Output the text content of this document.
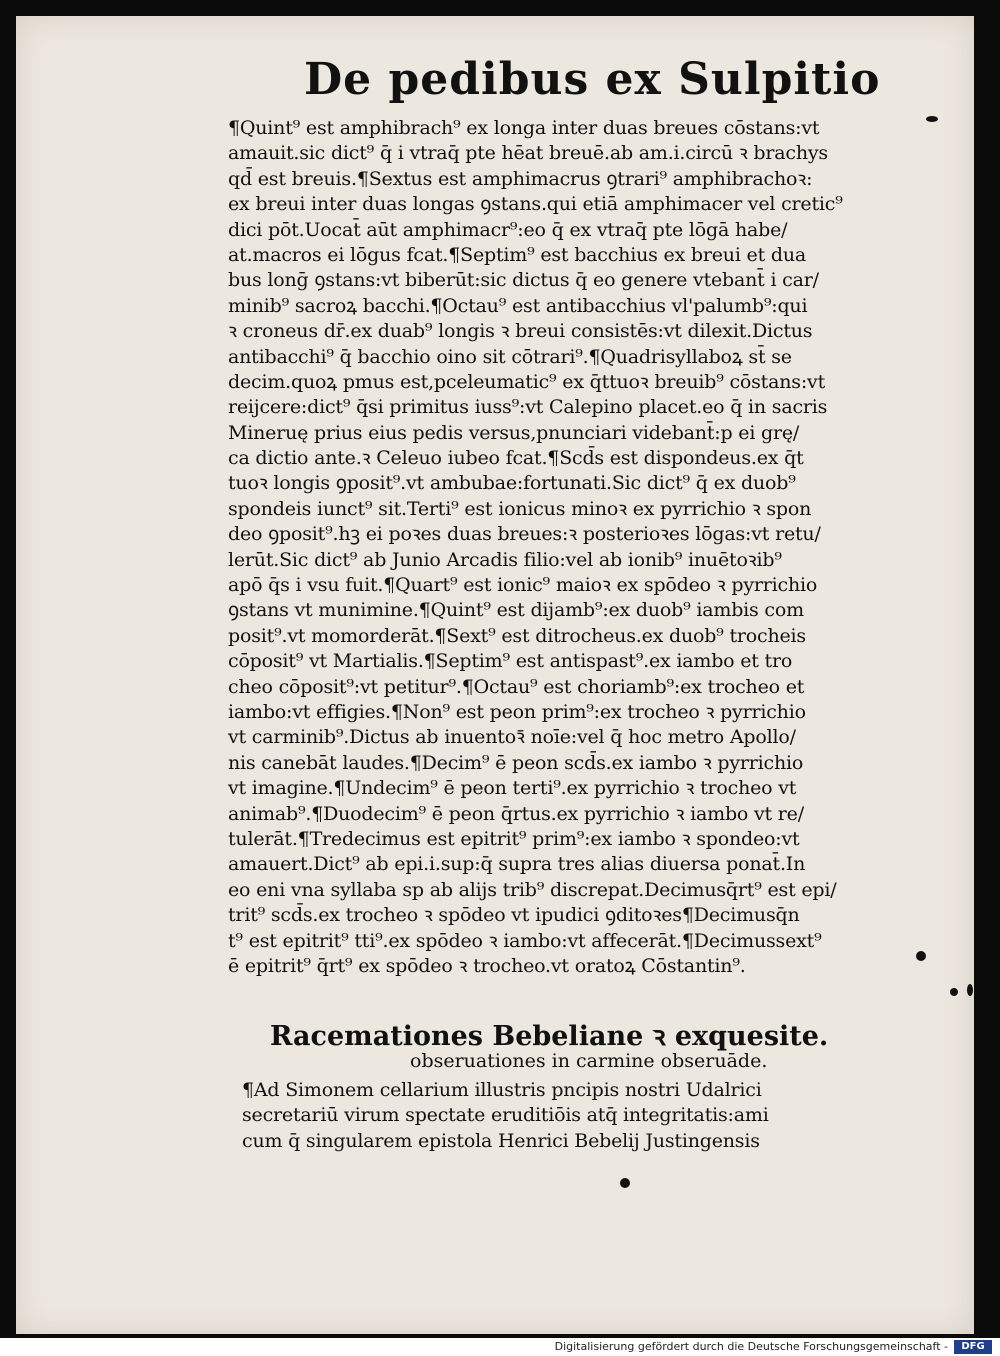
De pedibus ex Sulpitio
¶Quint⁹ est amphibrach⁹ ex longa inter duas breues cōstans:vt
amauit.sic dict⁹ q̄ i vtraq̄ pte hēat breuē.ab am.i.circū ꝛ brachys
qd̄ est breuis.¶Sextus est amphimacrus ꝯtrari⁹ amphibrachoꝛ:
ex breui inter duas longas ꝯstans.qui etiā amphimacer vel cretic⁹
dici pōt.Uocat̄ aūt amphimacr⁹:eo q̄ ex vtraq̄ pte lōgā habe/
at.macros ei lōgus fcat.¶Septim⁹ est bacchius ex breui et dua
bus lonḡ ꝯstans:vt biberūt:sic dictus q̄ eo genere vtebant̄ i car/
minib⁹ sacroꝝ bacchi.¶Octau⁹ est antibacchius vl'palumb⁹:qui
ꝛ croneus dr̄.ex duab⁹ longis ꝛ breui consistēs:vt dilexit.Dictus
antibacchi⁹ q̄ bacchio oino sit cōtrari⁹.¶Quadrisyllaboꝝ st̄ se
decim.quoꝝ pmus est,pceleumatic⁹ ex q̄ttuoꝛ breuib⁹ cōstans:vt
reijcere:dict⁹ q̄si primitus iuss⁹:vt Calepino placet.eo q̄ in sacris
Mineruę prius eius pedis versus,pnunciari videbant̄:p ei grę/
ca dictio ante.ꝛ Celeuo iubeo fcat.¶Scd̄s est dispondeus.ex q̄t
tuoꝛ longis ꝯposit⁹.vt ambubae:fortunati.Sic dict⁹ q̄ ex duob⁹
spondeis iunct⁹ sit.Terti⁹ est ionicus minoꝛ ex pyrrichio ꝛ spon
deo ꝯposit⁹.hꝫ ei poꝛes duas breues:ꝛ posterioꝛes lōgas:vt retu/
lerūt.Sic dict⁹ ab Junio Arcadis filio:vel ab ionib⁹ inuētoꝛib⁹
apō q̄s i vsu fuit.¶Quart⁹ est ionic⁹ maioꝛ ex spōdeo ꝛ pyrrichio
ꝯstans vt munimine.¶Quint⁹ est dijamb⁹:ex duob⁹ iambis com
posit⁹.vt momorderāt.¶Sext⁹ est ditrocheus.ex duob⁹ trocheis
cōposit⁹ vt Martialis.¶Septim⁹ est antispast⁹.ex iambo et tro
cheo cōposit⁹:vt petitur⁹.¶Octau⁹ est choriamb⁹:ex trocheo et
iambo:vt effigies.¶Non⁹ est peon prim⁹:ex trocheo ꝛ pyrrichio
vt carminib⁹.Dictus ab inuentoꝛ̄ noīe:vel q̄ hoc metro Apollo/
nis canebāt laudes.¶Decim⁹ ē peon scd̄s.ex iambo ꝛ pyrrichio
vt imagine.¶Undecim⁹ ē peon terti⁹.ex pyrrichio ꝛ trocheo vt
animab⁹.¶Duodecim⁹ ē peon q̄rtus.ex pyrrichio ꝛ iambo vt re/
tulerāt.¶Tredecimus est epitrit⁹ prim⁹:ex iambo ꝛ spondeo:vt
amauert.Dict⁹ ab epi.i.sup:q̄ supra tres alias diuersa ponat̄.In
eo eni vna syllaba sp ab alijs trib⁹ discrepat.Decimusq̄rt⁹ est epi/
trit⁹ scd̄s.ex trocheo ꝛ spōdeo vt ipudici ꝯditoꝛes¶Decimusq̄n
t⁹ est epitrit⁹ tti⁹.ex spōdeo ꝛ iambo:vt affecerāt.¶Decimussext⁹
ē epitrit⁹ q̄rt⁹ ex spōdeo ꝛ trocheo.vt oratoꝝ Cōstantin⁹.
Racemationes Bebeliane ꝛ exquesite.
obseruationes in carmine obseruāde.
¶Ad Simonem cellarium illustris pncipis nostri Udalrici
secretariū virum spectate eruditiōis atq̄ integritatis:ami
cum q̄ singularem epistola Henrici Bebelij Justingensis
Digitalisierung gefördert durch die Deutsche Forschungsgemeinschaft -	DFG
